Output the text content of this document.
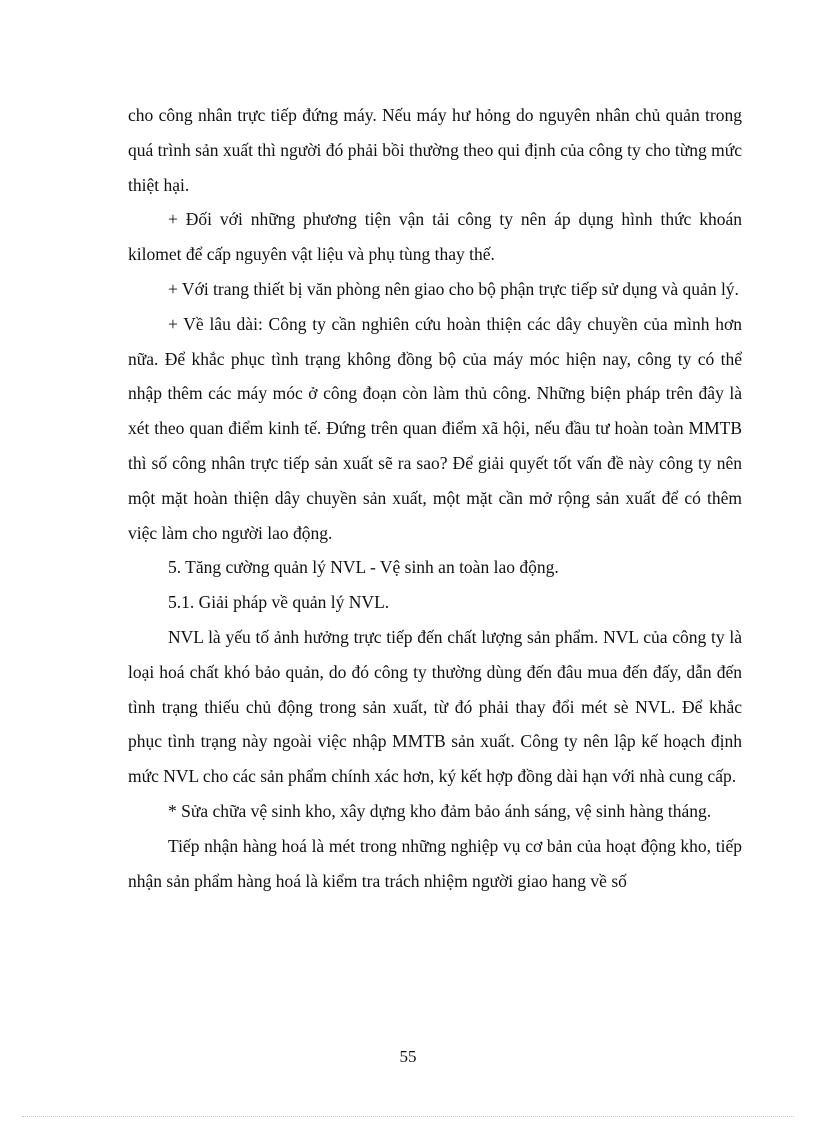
cho công nhân trực tiếp đứng máy. Nếu máy hư hỏng do nguyên nhân chủ quản trong quá trình sản xuất thì người đó phải bồi thường theo qui định của công ty cho từng mức thiệt hại.

+ Đối với những phương tiện vận tải công ty nên áp dụng hình thức khoán kilomet để cấp nguyên vật liệu và phụ tùng thay thế.

+ Với trang thiết bị văn phòng nên giao cho bộ phận trực tiếp sử dụng và quản lý.

+ Về lâu dài: Công ty cần nghiên cứu hoàn thiện các dây chuyền của mình hơn nữa. Để khắc phục tình trạng không đồng bộ của máy móc hiện nay, công ty có thể nhập thêm các máy móc ở công đoạn còn làm thủ công. Những biện pháp trên đây là xét theo quan điểm kinh tế. Đứng trên quan điểm xã hội, nếu đầu tư hoàn toàn MMTB thì số công nhân trực tiếp sản xuất sẽ ra sao? Để giải quyết tốt vấn đề này công ty nên một mặt hoàn thiện dây chuyền sản xuất, một mặt cần mở rộng sản xuất để có thêm việc làm cho người lao động.

5. Tăng cường quản lý NVL - Vệ sinh an toàn lao động.

5.1. Giải pháp về quản lý NVL.

NVL là yếu tố ảnh hưởng trực tiếp đến chất lượng sản phẩm. NVL của công ty là loại hoá chất khó bảo quản, do đó công ty thường dùng đến đâu mua đến đấy, dẫn đến tình trạng thiếu chủ động trong sản xuất, từ đó phải thay đổi mét sè NVL. Để khắc phục tình trạng này ngoài việc nhập MMTB sản xuất. Công ty nên lập kế hoạch định mức NVL cho các sản phẩm chính xác hơn, ký kết hợp đồng dài hạn với nhà cung cấp.

* Sửa chữa vệ sinh kho, xây dựng kho đảm bảo ánh sáng, vệ sinh hàng tháng.

Tiếp nhận hàng hoá là mét trong những nghiệp vụ cơ bản của hoạt động kho, tiếp nhận sản phẩm hàng hoá là kiểm tra trách nhiệm người giao hang về số

55
